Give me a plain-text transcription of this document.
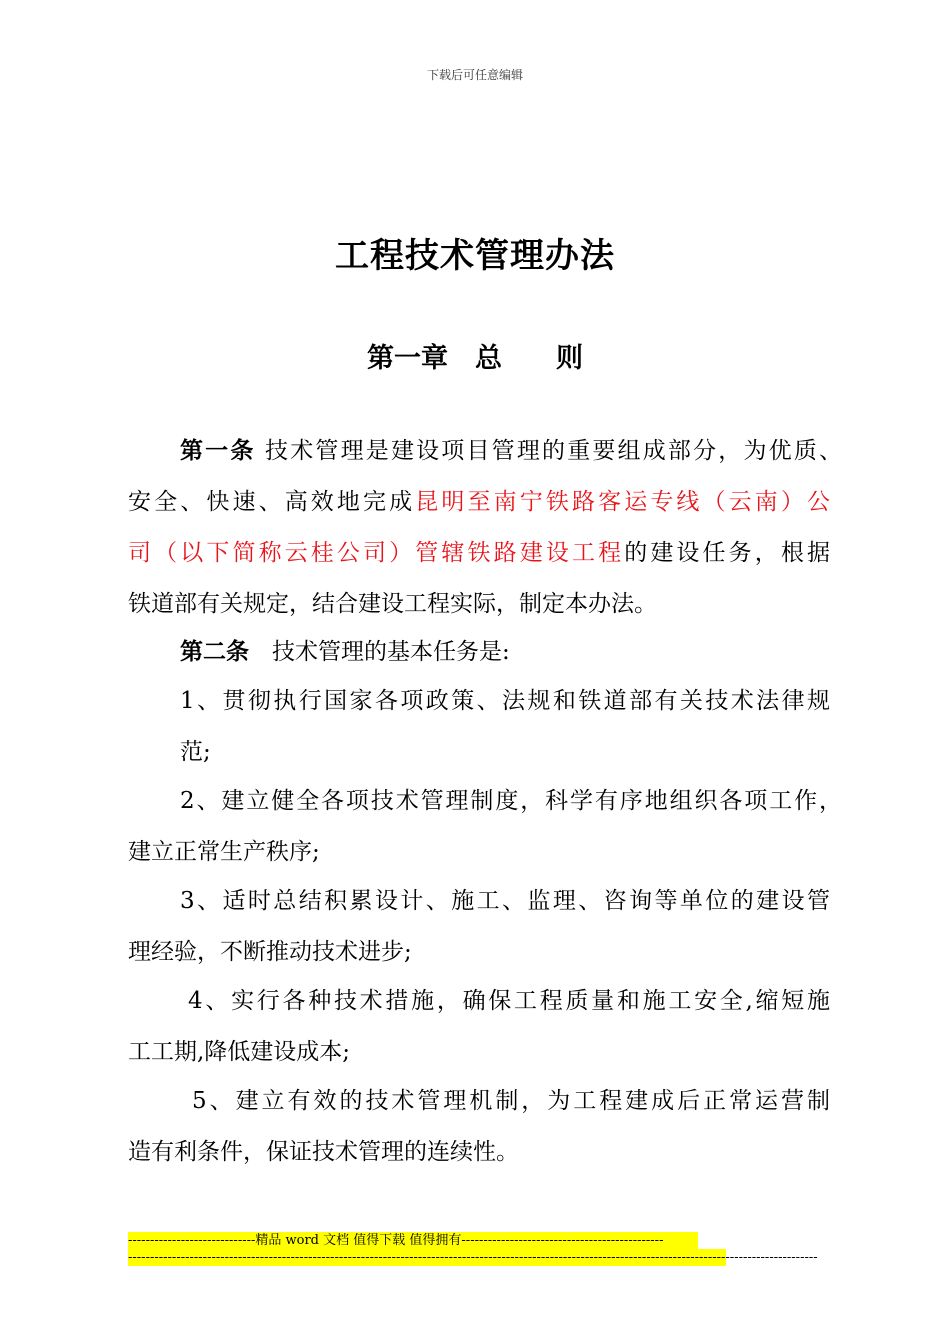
下载后可任意编辑
工程技术管理办法
第一章　总　　则
第一条 技术管理是建设项目管理的重要组成部分，为优质、
安全、快速、高效地完成昆明至南宁铁路客运专线（云南）公
司（以下简称云桂公司）管辖铁路建设工程的建设任务，根据
铁道部有关规定，结合建设工程实际，制定本办法。
第二条　技术管理的基本任务是:
1、贯彻执行国家各项政策、法规和铁道部有关技术法律规
范;
2、建立健全各项技术管理制度，科学有序地组织各项工作，
建立正常生产秩序;
3、适时总结积累设计、施工、监理、咨询等单位的建设管
理经验，不断推动技术进步;
4、实行各种技术措施，确保工程质量和施工安全,缩短施
工工期,降低建设成本;
5、建立有效的技术管理机制，为工程建成后正常运营制
造有利条件，保证技术管理的连续性。
-----------------------------精品 word 文档 值得下载 值得拥有----------------------------------------------
-------------------------------------------------------------------------------------------------------------------------------------------------------------
